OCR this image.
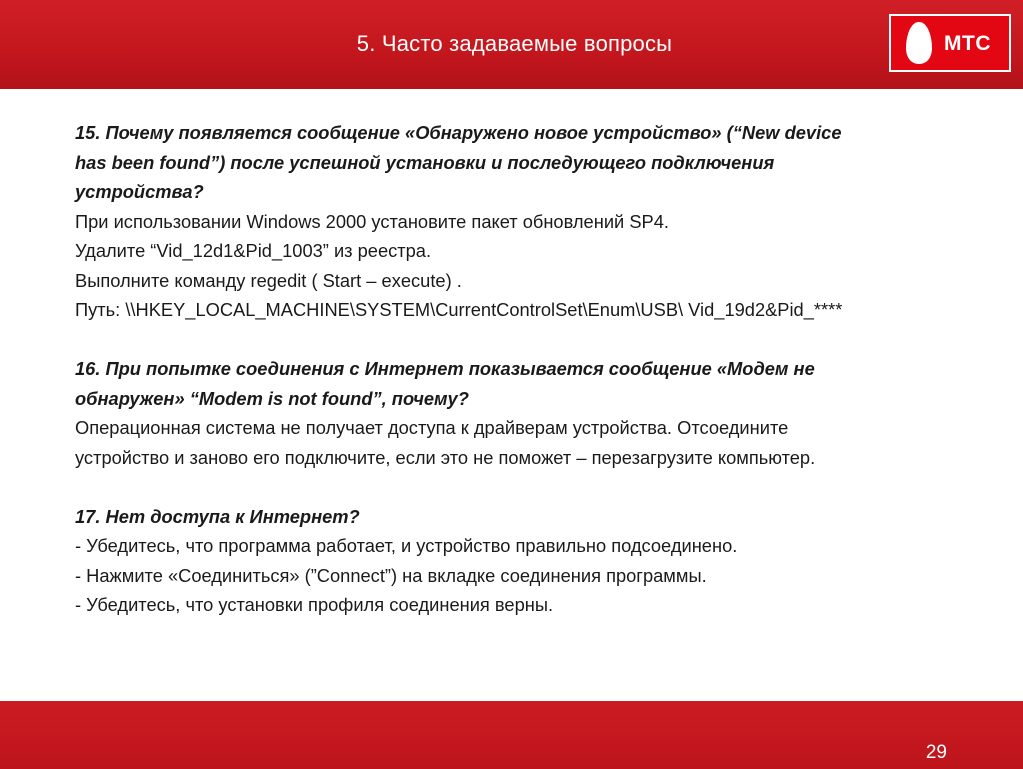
5. Часто задаваемые вопросы	МТС
15. Почему появляется сообщение «Обнаружено новое устройство» (“New device
has been found”) после успешной установки и последующего подключения
устройства?
При использовании Windows 2000 установите пакет обновлений SP4.
Удалите “Vid_12d1&Pid_1003” из реестра.
Выполните команду regedit ( Start – execute) .
Путь: \\HKEY_LOCAL_MACHINE\SYSTEM\CurrentControlSet\Enum\USB\ Vid_19d2&Pid_****
16. При попытке соединения с Интернет показывается сообщение «Модем не
обнаружен» “Modem is not found”, почему?
Операционная система не получает доступа к драйверам устройства. Отсоедините
устройство и заново его подключите, если это не поможет – перезагрузите компьютер.
17. Нет доступа к Интернет?
- Убедитесь, что программа работает, и устройство правильно подсоединено.
- Нажмите «Соединиться» (”Connect”) на вкладке соединения программы.
- Убедитесь, что установки профиля соединения верны.
29
